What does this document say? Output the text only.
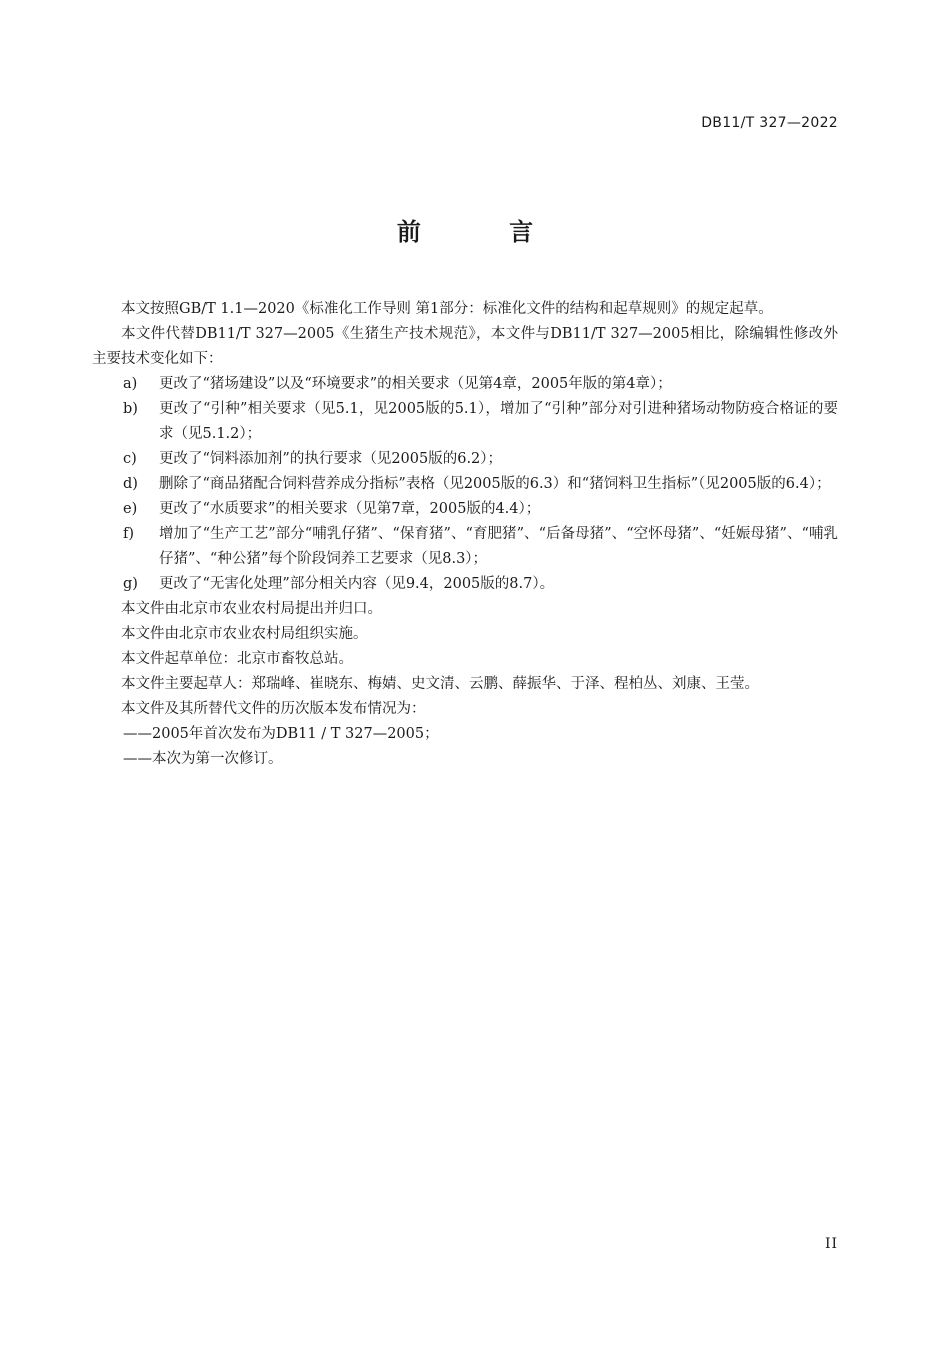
DB11/T 327—2022
前 言

本文按照GB/T 1.1—2020《标准化工作导则 第1部分：标准化文件的结构和起草规则》的规定起草。

本文件代替DB11/T 327—2005《生猪生产技术规范》，本文件与DB11/T 327—2005相比，除编辑性修改外主要技术变化如下：

a)	更改了“猪场建设”以及“环境要求”的相关要求（见第4章，2005年版的第4章）；
b)	更改了“引种”相关要求（见5.1，见2005版的5.1），增加了“引种”部分对引进种猪场动物防疫合格证的要求（见5.1.2）；
c)	更改了“饲料添加剂”的执行要求（见2005版的6.2）；
d)	删除了“商品猪配合饲料营养成分指标”表格（见2005版的6.3）和“猪饲料卫生指标”（见2005版的6.4）；
e)	更改了“水质要求”的相关要求（见第7章，2005版的4.4）；
f)	增加了“生产工艺”部分“哺乳仔猪”、“保育猪”、“育肥猪”、“后备母猪”、“空怀母猪”、“妊娠母猪”、“哺乳仔猪”、“种公猪”每个阶段饲养工艺要求（见8.3）；
g)	更改了“无害化处理”部分相关内容（见9.4，2005版的8.7）。

本文件由北京市农业农村局提出并归口。

本文件由北京市农业农村局组织实施。

本文件起草单位：北京市畜牧总站。

本文件主要起草人：郑瑞峰、崔晓东、梅婧、史文清、云鹏、薛振华、于泽、程柏丛、刘康、王莹。

本文件及其所替代文件的历次版本发布情况为：

——2005年首次发布为DB11 / T 327—2005；

——本次为第一次修订。

II
